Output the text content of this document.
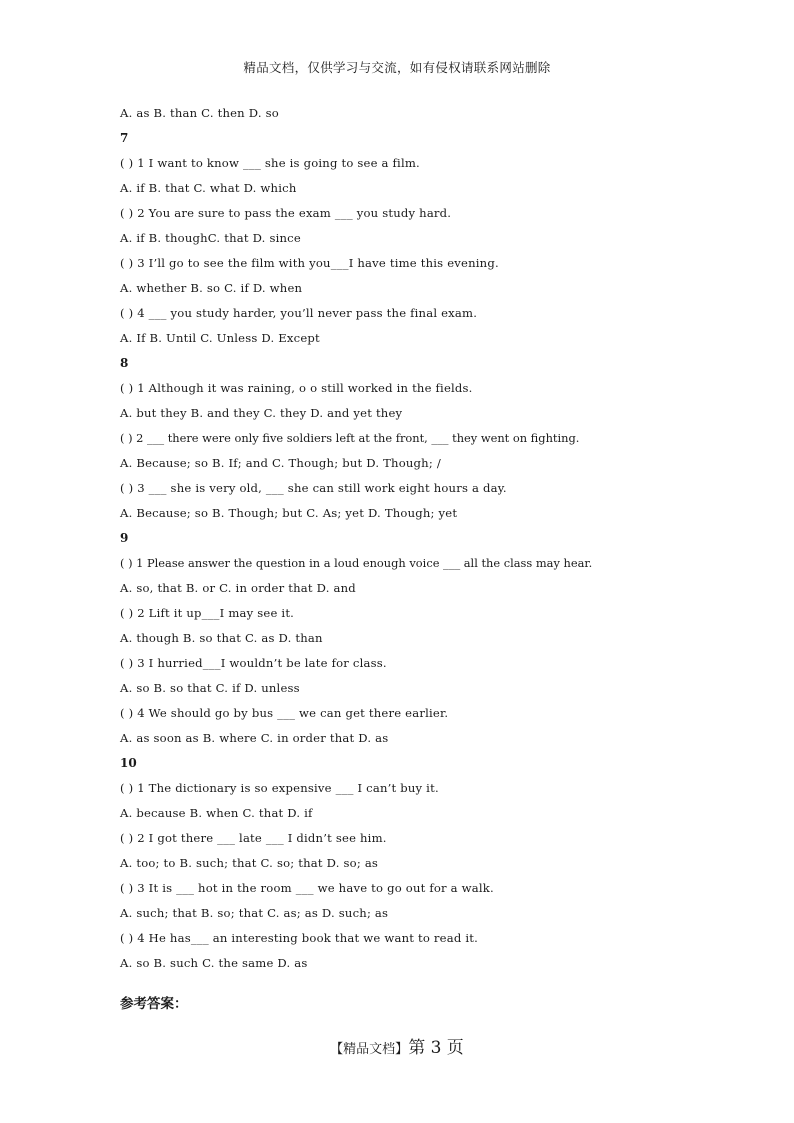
精品文档，仅供学习与交流，如有侵权请联系网站删除
A. as B. than C. then D. so
7
( ) 1 I want to know ___ she is going to see a film.
A. if B. that C. what D. which
( ) 2 You are sure to pass the exam ___ you study hard.
A. if B. thoughC. that D. since
( ) 3 I’ll go to see the film with you___I have time this evening.
A. whether B. so C. if D. when
( ) 4 ___ you study harder, you’ll never pass the final exam.
A. If B. Until C. Unless D. Except
8
( ) 1 Although it was raining, o o still worked in the fields.
A. but they B. and they C. they D. and yet they
( ) 2 ___ there were only five soldiers left at the front, ___ they went on fighting.
A. Because; so B. If; and C. Though; but D. Though; /
( ) 3 ___ she is very old, ___ she can still work eight hours a day.
A. Because; so B. Though; but C. As; yet D. Though; yet
9
( ) 1 Please answer the question in a loud enough voice ___ all the class may hear.
A. so, that B. or C. in order that D. and
( ) 2 Lift it up___I may see it.
A. though B. so that C. as D. than
( ) 3 I hurried___I wouldn’t be late for class.
A. so B. so that C. if D. unless
( ) 4 We should go by bus ___ we can get there earlier.
A. as soon as B. where C. in order that D. as
10
( ) 1 The dictionary is so expensive ___ I can’t buy it.
A. because B. when C. that D. if
( ) 2 I got there ___ late ___ I didn’t see him.
A. too; to B. such; that C. so; that D. so; as
( ) 3 It is ___ hot in the room ___ we have to go out for a walk.
A. such; that B. so; that C. as; as D. such; as
( ) 4 He has___ an interesting book that we want to read it.
A. so B. such C. the same D. as
参考答案：
【精品文档】第 3 页
